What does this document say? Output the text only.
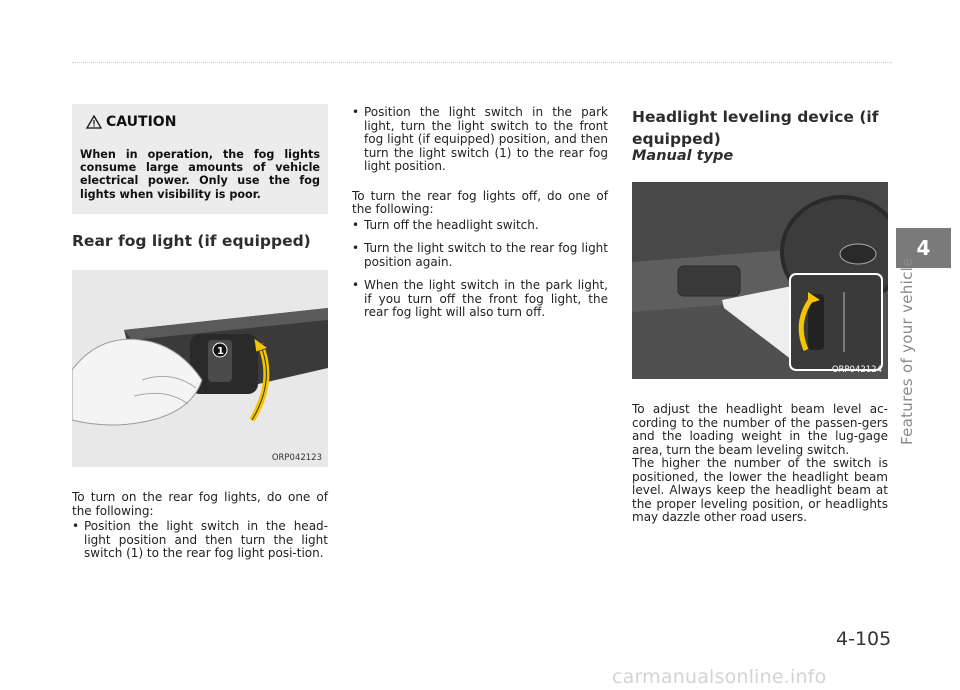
CAUTION
When in operation, the fog lights consume large amounts of vehicle electrical power. Only use the fog lights when visibility is poor.
Rear fog light (if equipped)
1
ORP042123
To turn on the rear fog lights, do one of the following:
• Position the light switch in the head-light position and then turn the light switch (1) to the rear fog light posi-tion.
• Position the light switch in the park light, turn the light switch to the front fog light (if equipped) position, and then turn the light switch (1) to the rear fog light position.
To turn the rear fog lights off, do one of the following:
• Turn off the headlight switch.
• Turn the light switch to the rear fog light position again.
• When the light switch in the park light, if you turn off the front fog light, the rear fog light will also turn off.
Headlight leveling device (if equipped)
Manual type
ORP042124
To adjust the headlight beam level ac-cording to the number of the passen-gers and the loading weight in the lug-gage area, turn the beam leveling switch.
The higher the number of the switch is positioned, the lower the headlight beam level. Always keep the headlight beam at the proper leveling position, or headlights may dazzle other road users.
4
Features of your vehicle
4-105
carmanualsonline.info
